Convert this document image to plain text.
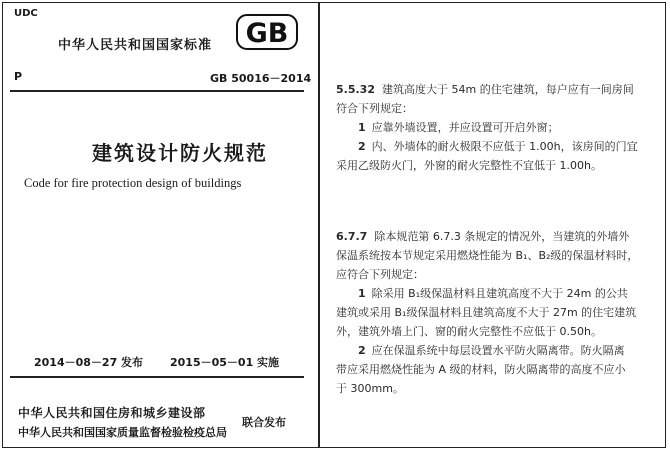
UDC
中华人民共和国国家标准 GB
P	GB 50016－2014
建筑设计防火规范
Code for fire protection design of buildings
2014－08－27 发布 2015－05－01 实施
中华人民共和国住房和城乡建设部
中华人民共和国国家质量监督检验检疫总局
联合发布
5.5.32 建筑高度大于 54m 的住宅建筑，每户应有一间房间
符合下列规定：
1 应靠外墙设置，并应设置可开启外窗；
2 内、外墙体的耐火极限不应低于 1.00h，该房间的门宜
采用乙级防火门，外窗的耐火完整性不宜低于 1.00h。
6.7.7 除本规范第 6.7.3 条规定的情况外，当建筑的外墙外
保温系统按本节规定采用燃烧性能为 B₁、B₂级的保温材料时，
应符合下列规定：
1 除采用 B₁级保温材料且建筑高度不大于 24m 的公共
建筑或采用 B₁级保温材料且建筑高度不大于 27m 的住宅建筑
外，建筑外墙上门、窗的耐火完整性不应低于 0.50h。
2 应在保温系统中每层设置水平防火隔离带。防火隔离
带应采用燃烧性能为 A 级的材料，防火隔离带的高度不应小
于 300mm。
